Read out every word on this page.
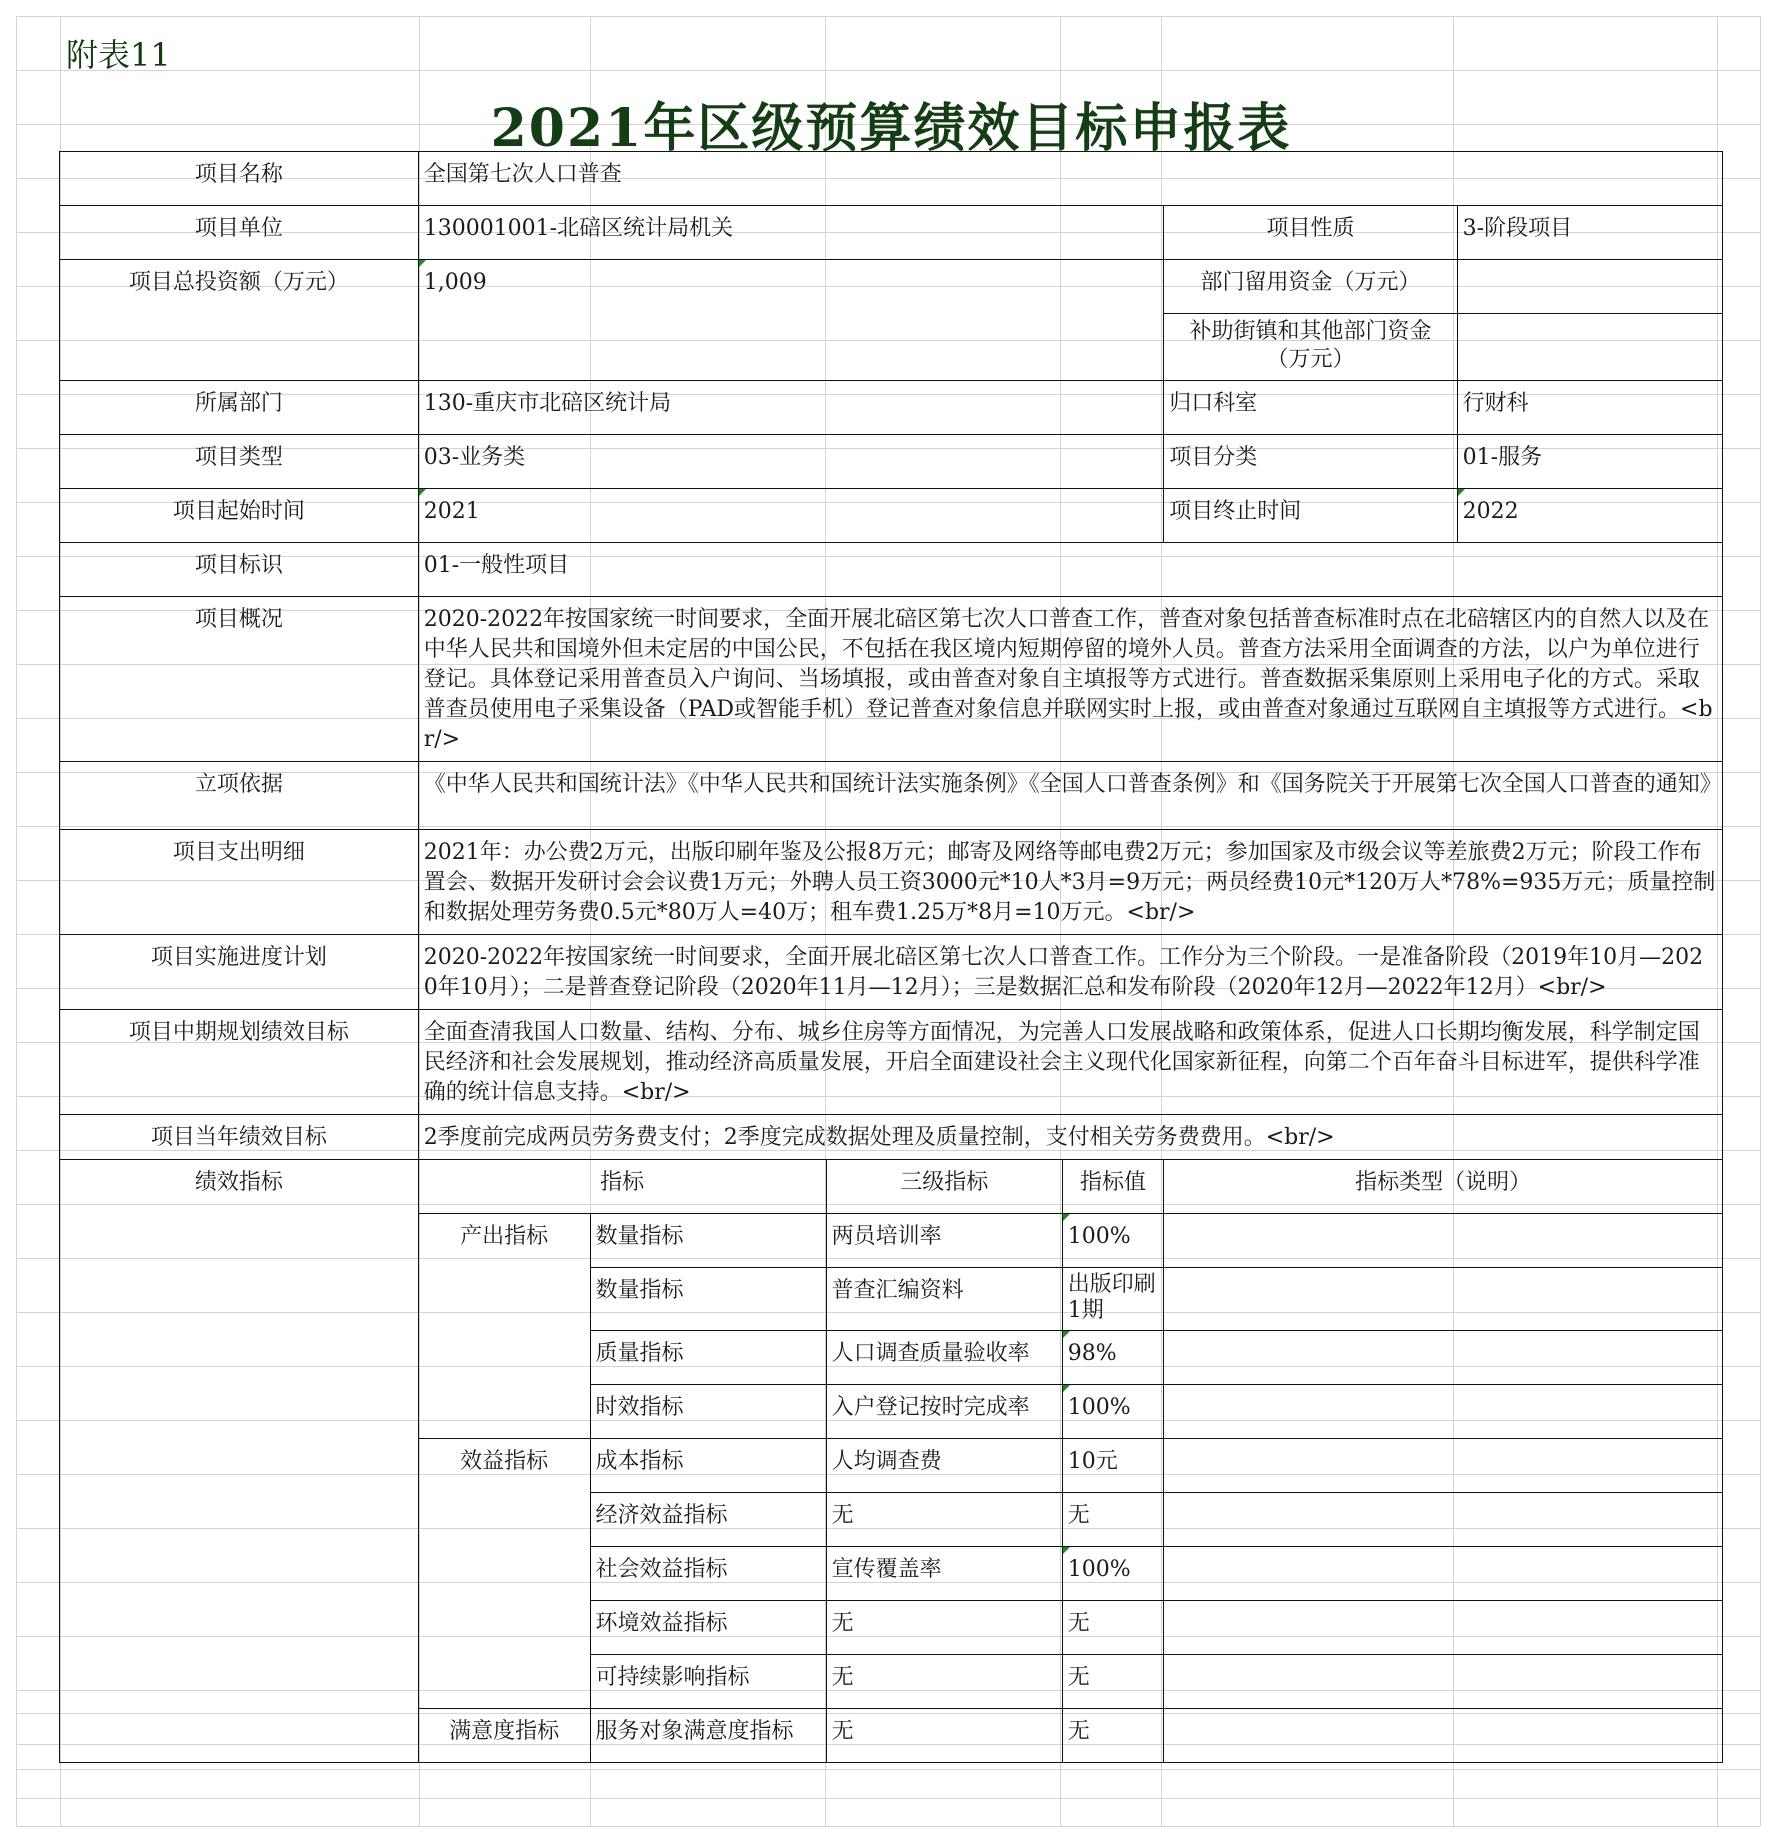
附表11
2021年区级预算绩效目标申报表
项目名称	全国第七次人口普查					
项目单位	130001001-北碚区统计局机关				项目性质	3-阶段项目
项目总投资额（万元）	1,009				部门留用资金（万元）	
					补助街镇和其他部门资金（万元）	
所属部门	130-重庆市北碚区统计局				归口科室	行财科
项目类型	03-业务类				项目分类	01-服务
项目起始时间	2021				项目终止时间	2022
项目标识	01-一般性项目					
项目概况	2020-2022年按国家统一时间要求，全面开展北碚区第七次人口普查工作，普查对象包括普查标准时点在北碚辖区内的自然人以及在中华人民共和国境外但未定居的中国公民，不包括在我区境内短期停留的境外人员。普查方法采用全面调查的方法，以户为单位进行登记。具体登记采用普查员入户询问、当场填报，或由普查对象自主填报等方式进行。普查数据采集原则上采用电子化的方式。采取普查员使用电子采集设备（PAD或智能手机）登记普查对象信息并联网实时上报，或由普查对象通过互联网自主填报等方式进行。<br/>					
立项依据	《中华人民共和国统计法》《中华人民共和国统计法实施条例》《全国人口普查条例》和《国务院关于开展第七次全国人口普查的通知》					
项目支出明细	2021年：办公费2万元，出版印刷年鉴及公报8万元；邮寄及网络等邮电费2万元；参加国家及市级会议等差旅费2万元；阶段工作布置会、数据开发研讨会会议费1万元；外聘人员工资3000元*10人*3月=9万元；两员经费10元*120万人*78%=935万元；质量控制和数据处理劳务费0.5元*80万人=40万；租车费1.25万*8月=10万元。<br/>					
项目实施进度计划	2020-2022年按国家统一时间要求，全面开展北碚区第七次人口普查工作。工作分为三个阶段。一是准备阶段（2019年10月—2020年10月）；二是普查登记阶段（2020年11月—12月）；三是数据汇总和发布阶段（2020年12月—2022年12月）<br/>					
项目中期规划绩效目标	全面查清我国人口数量、结构、分布、城乡住房等方面情况，为完善人口发展战略和政策体系，促进人口长期均衡发展，科学制定国民经济和社会发展规划，推动经济高质量发展，开启全面建设社会主义现代化国家新征程，向第二个百年奋斗目标进军，提供科学准确的统计信息支持。<br/>					
项目当年绩效目标	2季度前完成两员劳务费支付；2季度完成数据处理及质量控制，支付相关劳务费费用。<br/>					
绩效指标	指标		三级指标	指标值	指标类型（说明）	
	产出指标	数量指标	两员培训率	100%		
		数量指标	普查汇编资料	出版印刷1期		
		质量指标	人口调查质量验收率	98%		
		时效指标	入户登记按时完成率	100%		
	效益指标	成本指标	人均调查费	10元		
		经济效益指标	无	无		
		社会效益指标	宣传覆盖率	100%		
		环境效益指标	无	无		
		可持续影响指标	无	无		
	满意度指标	服务对象满意度指标	无	无		
